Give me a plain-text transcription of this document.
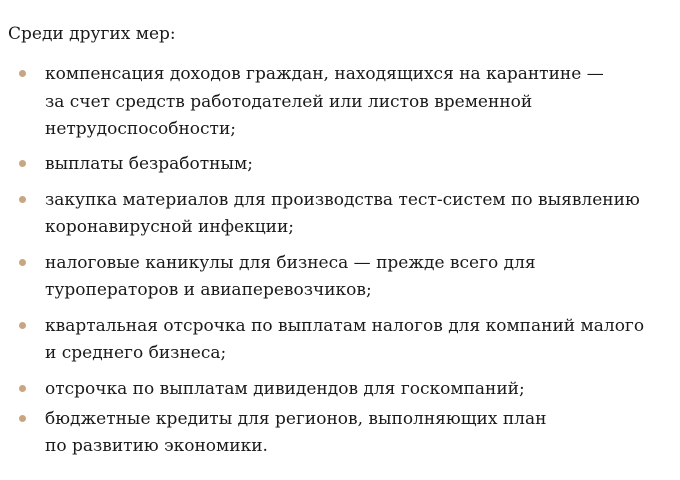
Среди других мер:

компенсация доходов граждан, находящихся на карантине —

за счет средств работодателей или листов временной

нетрудоспособности;

выплаты безработным;

закупка материалов для производства тест-систем по выявлению

коронавирусной инфекции;

налоговые каникулы для бизнеса — прежде всего для

туроператоров и авиаперевозчиков;

квартальная отсрочка по выплатам налогов для компаний малого

и среднего бизнеса;

отсрочка по выплатам дивидендов для госкомпаний;

бюджетные кредиты для регионов, выполняющих план

по развитию экономики.
